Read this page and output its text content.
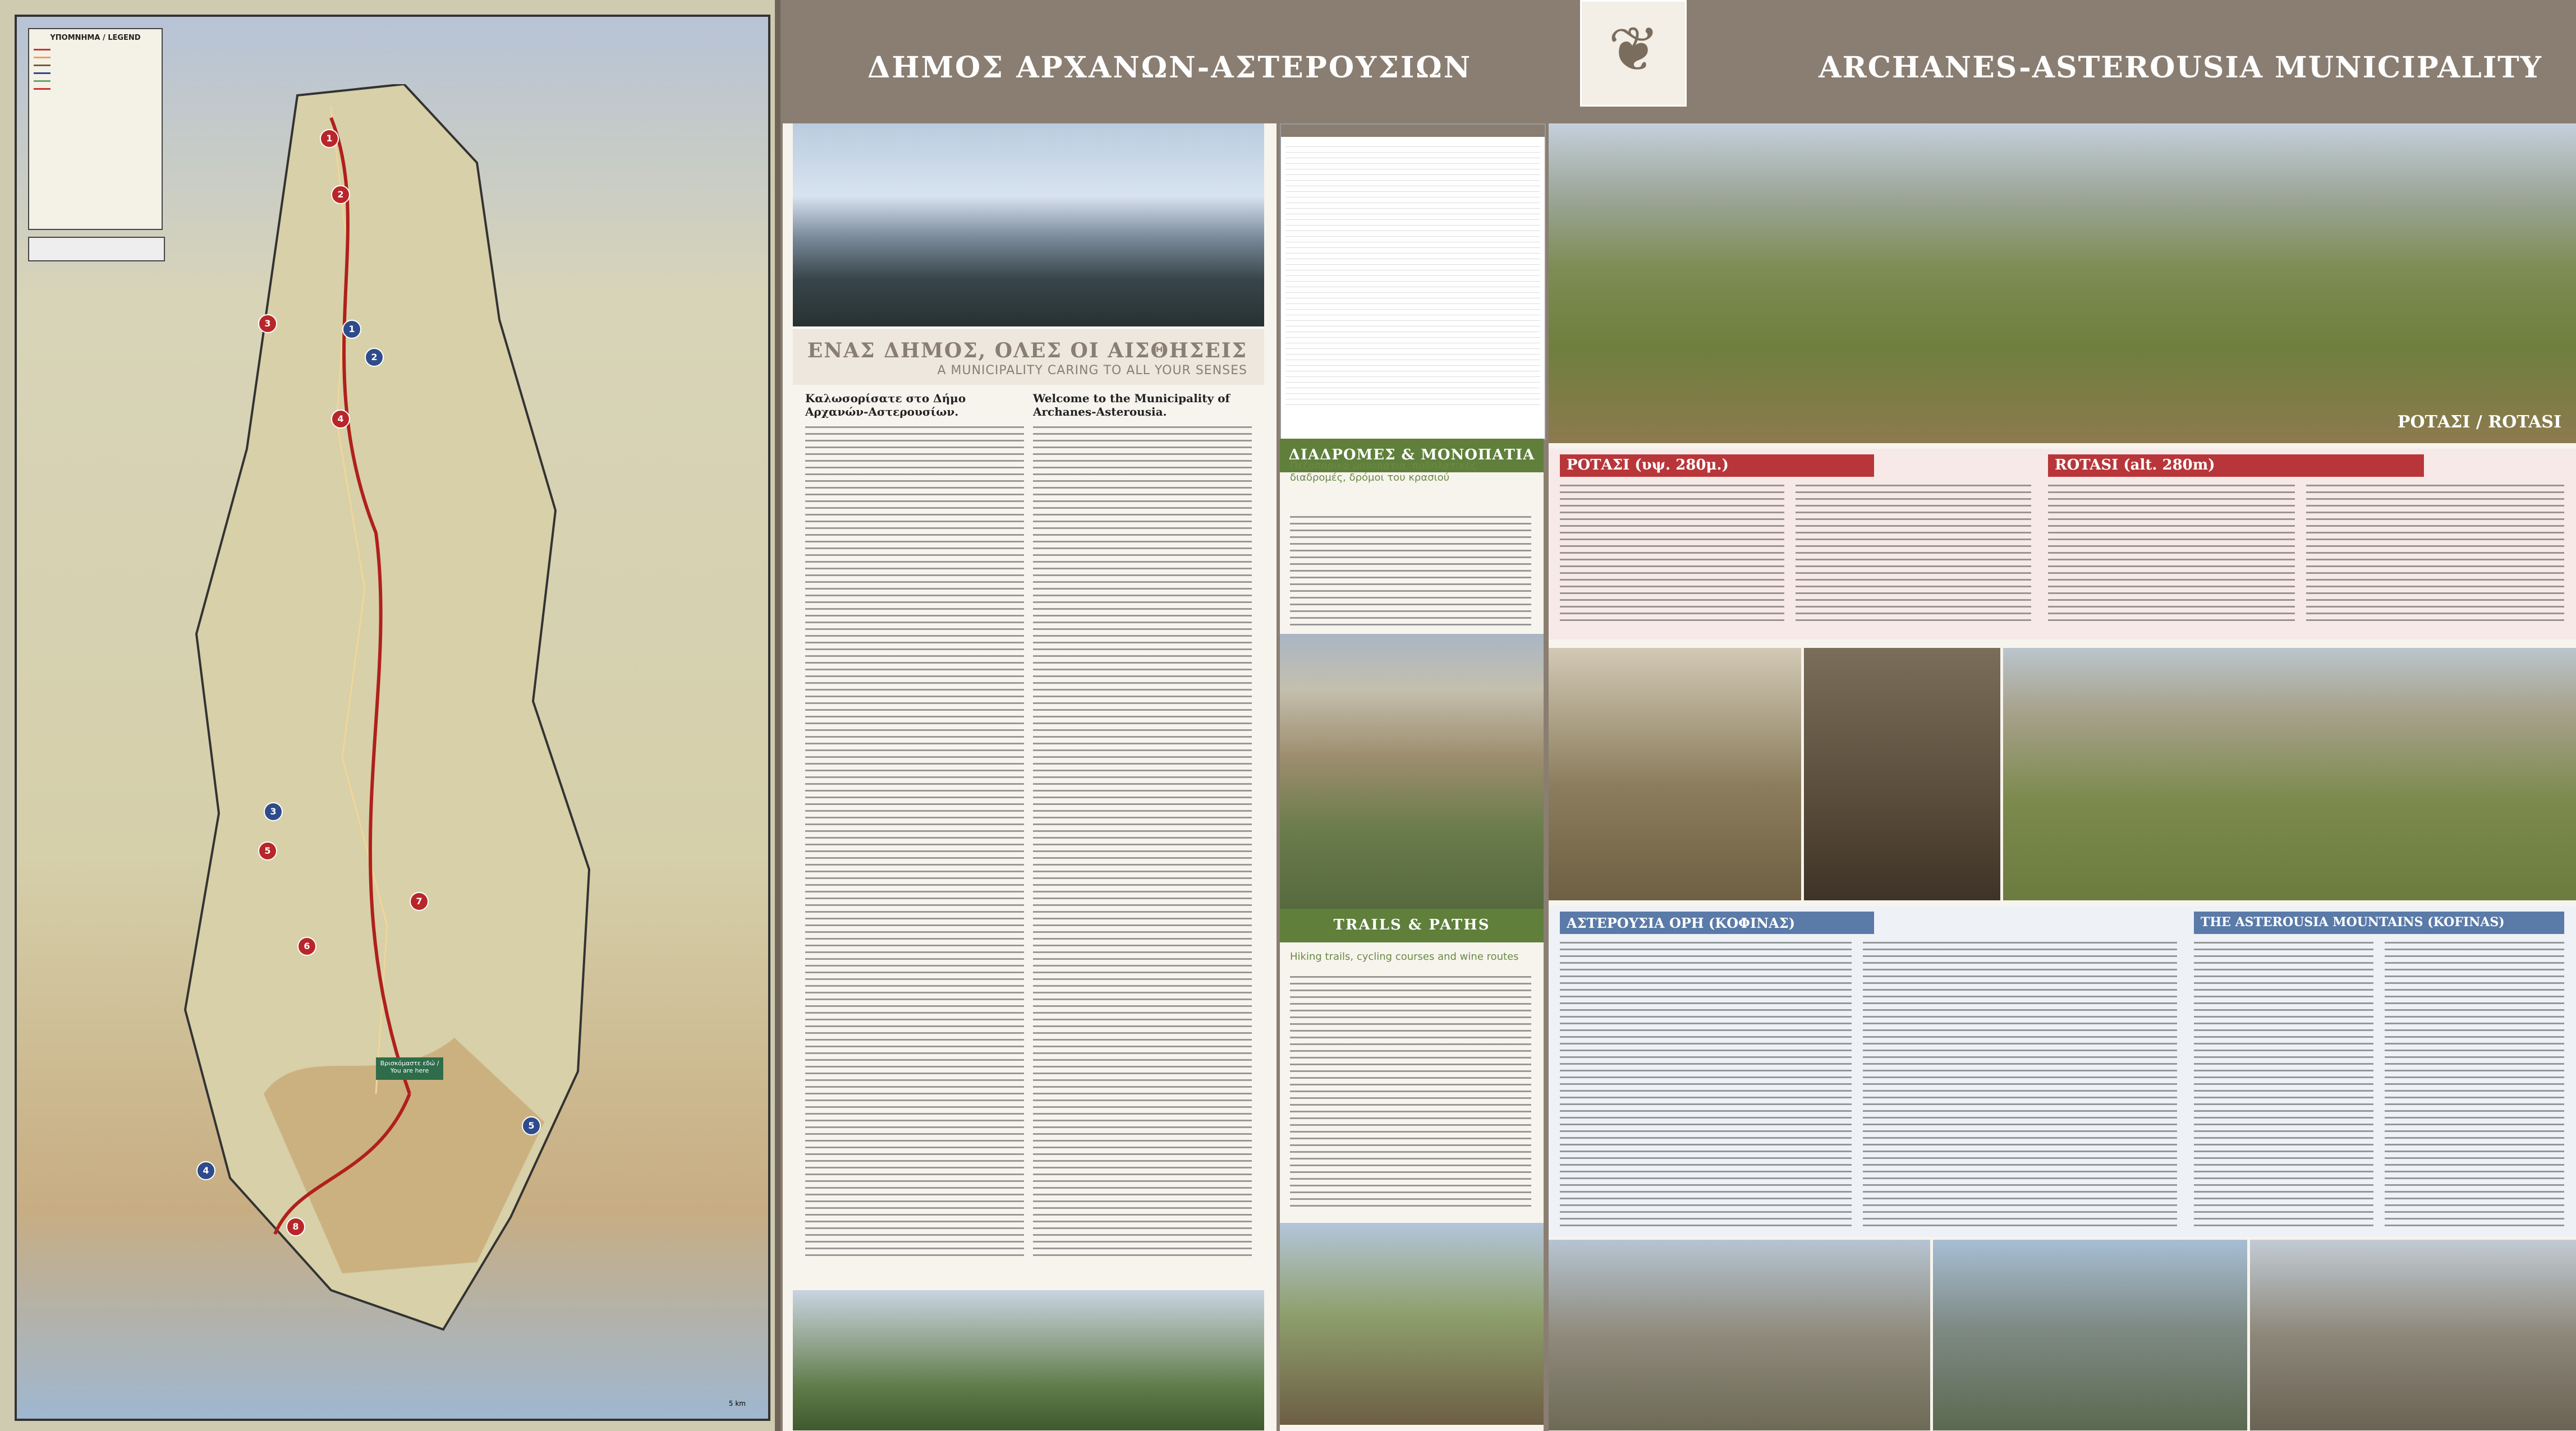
ΥΠΟΜΝΗΜΑ / LEGEND
1
2
3
4
5
6
7
8
1
2
3
4
5
Βρισκόμαστε εδώ / You are here
5 km
ΔΗΜΟΣ ΑΡΧΑΝΩΝ-ΑΣΤΕΡΟΥΣΙΩΝ ❦	ARCHANES-ASTEROUSIA MUNICIPALITY
ΕΝΑΣ ΔΗΜΟΣ, ΟΛΕΣ ΟΙ ΑΙΣΘΗΣΕΙΣ
A MUNICIPALITY CARING TO ALL YOUR SENSES
Καλωσορίσατε στο Δήμο Αρχανών-Αστερουσίων.
Welcome to the Municipality of Archanes-Asterousia.
ΔΙΑΔΡΟΜΕΣ & ΜΟΝΟΠΑΤΙΑ
Πεζοπορικά μονοπάτια, ποδηλατικές διαδρομές, δρόμοι του κρασιού
TRAILS & PATHS
Hiking trails, cycling courses and wine routes
ΡΟΤΑΣΙ / ROTASI
ΡΟΤΑΣΙ (υψ. 280μ.)	ROTASI (alt. 280m)
ΑΣΤΕΡΟΥΣΙΑ ΟΡΗ (ΚΟΦΙΝΑΣ)	THE ASTEROUSIA MOUNTAINS (KOFINAS)
